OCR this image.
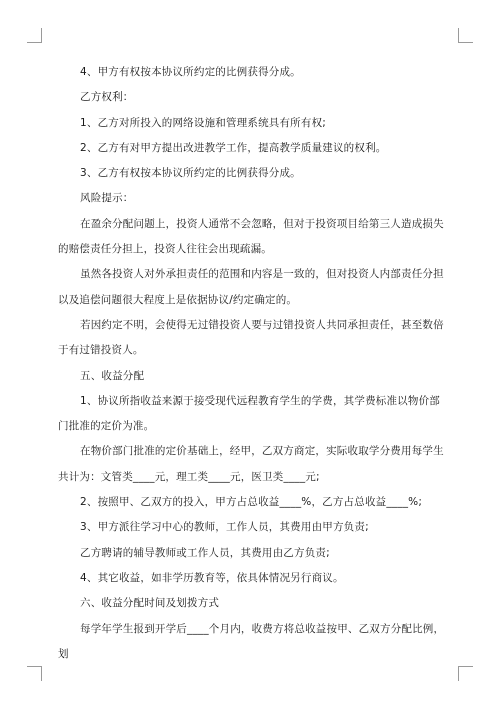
4、甲方有权按本协议所约定的比例获得分成。

乙方权利：

1、乙方对所投入的网络设施和管理系统具有所有权;

2、乙方有对甲方提出改进教学工作，提高教学质量建议的权利。

3、乙方有权按本协议所约定的比例获得分成。

风险提示：

在盈余分配问题上，投资人通常不会忽略，但对于投资项目给第三人造成损失的赔偿责任分担上，投资人往往会出现疏漏。

虽然各投资人对外承担责任的范围和内容是一致的，但对投资人内部责任分担以及追偿问题很大程度上是依据协议/约定确定的。

若因约定不明，会使得无过错投资人要与过错投资人共同承担责任，甚至数倍于有过错投资人。

五、收益分配

1、协议所指收益来源于接受现代远程教育学生的学费，其学费标准以物价部门批准的定价为准。

在物价部门批准的定价基础上，经甲，乙双方商定，实际收取学分费用每学生共计为：文管类____元，理工类____元，医卫类____元;

2、按照甲、乙双方的投入，甲方占总收益____%，乙方占总收益____%;

3、甲方派往学习中心的教师，工作人员，其费用由甲方负责;

乙方聘请的辅导教师或工作人员，其费用由乙方负责;

4、其它收益，如非学历教育等，依具体情况另行商议。

六、收益分配时间及划拨方式

每学年学生报到开学后____个月内，收费方将总收益按甲、乙双方分配比例，划
